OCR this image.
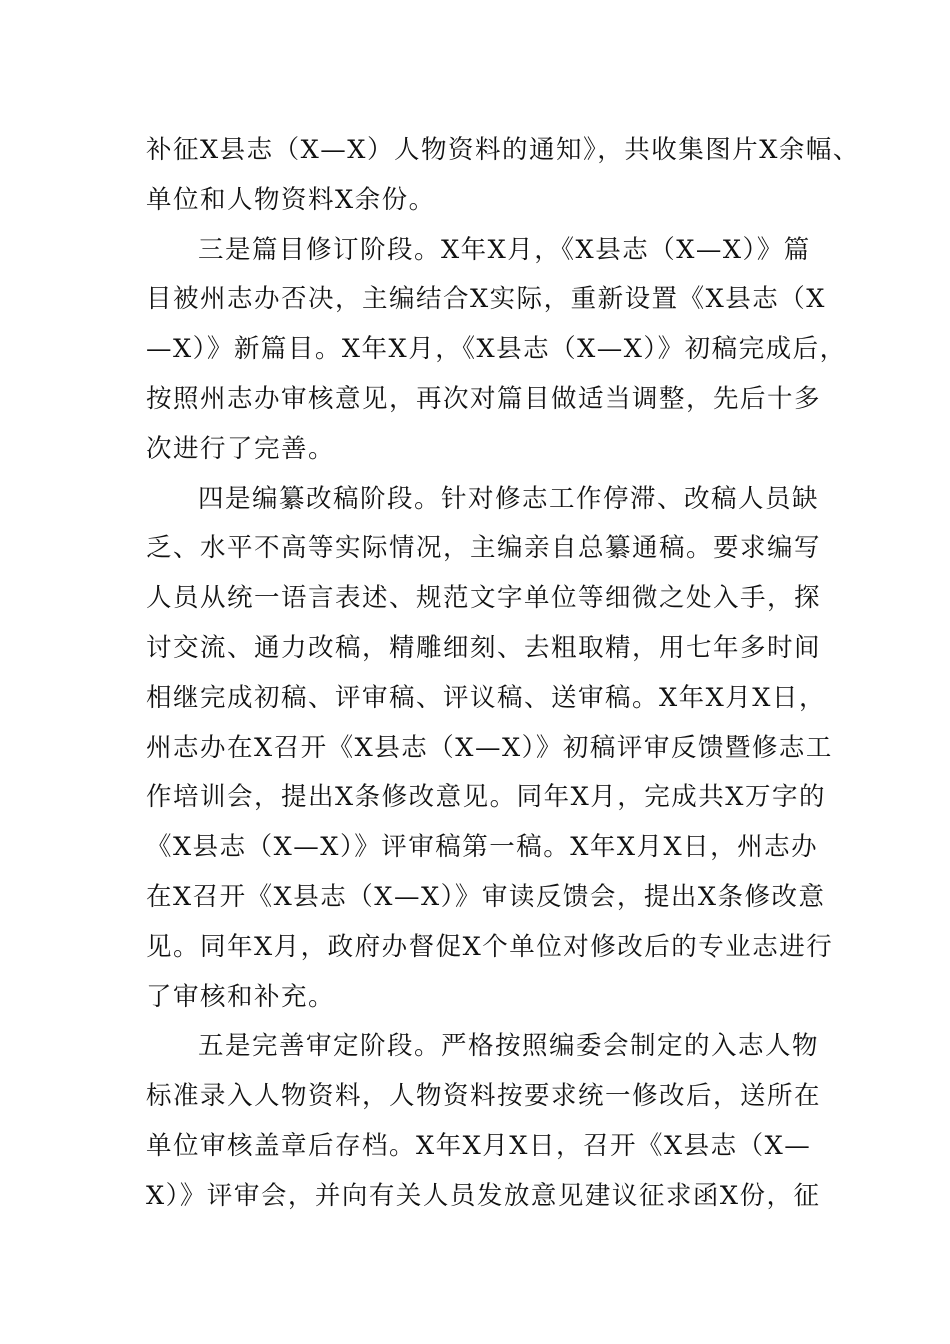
补征X县志（X—X）人物资料的通知》，共收集图片X余幅、
单位和人物资料X余份。
三是篇目修订阶段。X年X月，《X县志（X—X）》篇
目被州志办否决，主编结合X实际，重新设置《X县志（X
—X）》新篇目。X年X月，《X县志（X—X）》初稿完成后，
按照州志办审核意见，再次对篇目做适当调整，先后十多
次进行了完善。
四是编纂改稿阶段。针对修志工作停滞、改稿人员缺
乏、水平不高等实际情况，主编亲自总纂通稿。要求编写
人员从统一语言表述、规范文字单位等细微之处入手，探
讨交流、通力改稿，精雕细刻、去粗取精，用七年多时间
相继完成初稿、评审稿、评议稿、送审稿。X年X月X日，
州志办在X召开《X县志（X—X）》初稿评审反馈暨修志工
作培训会，提出X条修改意见。同年X月，完成共X万字的
《X县志（X—X）》评审稿第一稿。X年X月X日，州志办
在X召开《X县志（X—X）》审读反馈会，提出X条修改意
见。同年X月，政府办督促X个单位对修改后的专业志进行
了审核和补充。
五是完善审定阶段。严格按照编委会制定的入志人物
标准录入人物资料，人物资料按要求统一修改后，送所在
单位审核盖章后存档。X年X月X日，召开《X县志（X—
X）》评审会，并向有关人员发放意见建议征求函X份，征
